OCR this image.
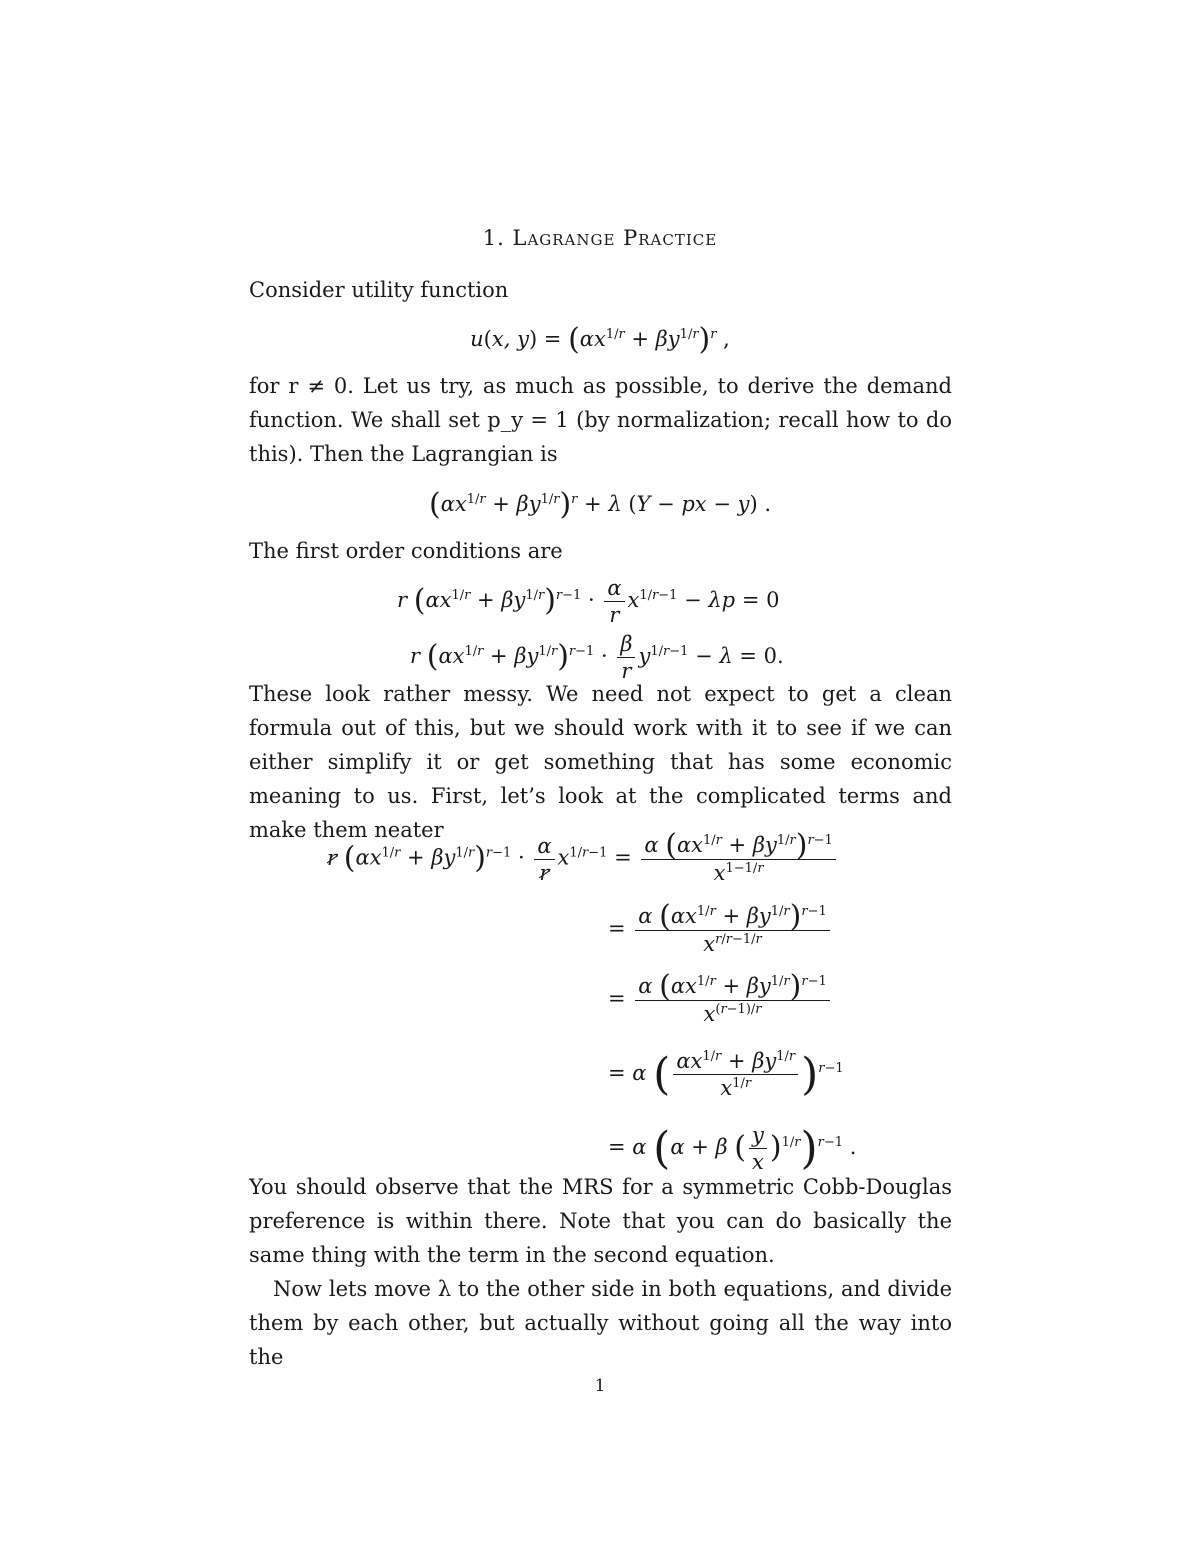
1. Lagrange Practice
Consider utility function
u(x, $y) = (\alpha x^{1/r} + \beta y^{1/r})^r$ ,
for r ≠ 0. Let us try, as much as possible, to derive the demand function. We shall set p_y = 1 (by normalization; recall how to do this). Then the Lagrangian is
$(\alpha x^{1/r} + \beta y^{1/r})^r + \lambda$ (Y − px − y) .
The first order conditions are
r $(\alpha x^{1/r} + \beta y^{1/r})^{r-1} \cdot \frac{\alpha}{r} x^{1/r-1} - \lambda p = 0$
r $(\alpha x^{1/r} + \beta y^{1/r})^{r-1} \cdot \frac{\beta}{r} y^{1/r-1} - \lambda = 0$.
These look rather messy. We need not expect to get a clean formula out of this, but we should work with it to see if we can either simplify it or get something that has some economic meaning to us. First, let’s look at the complicated terms and make them neater
r $(\alpha x^{1/r} + \beta y^{1/r})^{r-1} \cdot \frac{\alpha}{r} x^{1/r-1} = \frac{\alpha (\alpha x^{1/r} + \beta y^{1/r})^{r-1}}{x^{1-1/r}}$
= $\frac{\alpha (\alpha x^{1/r} + \beta y^{1/r})^{r-1}}{x^{r/r-1/r}}$
= $\frac{\alpha (\alpha x^{1/r} + \beta y^{1/r})^{r-1}}{x^{(r-1)/r}}$
= α ( $\frac{\alpha x^{1/r} + \beta y^{1/r}}{x^{1/r}} )^{r-1}$
= α (α + β ( $\frac{y}{x} )^{1/r})^{r-1}$ .
You should observe that the MRS for a symmetric Cobb-Douglas preference is within there. Note that you can do basically the same thing with the term in the second equation.
Now lets move λ to the other side in both equations, and divide them by each other, but actually without going all the way into the
1
